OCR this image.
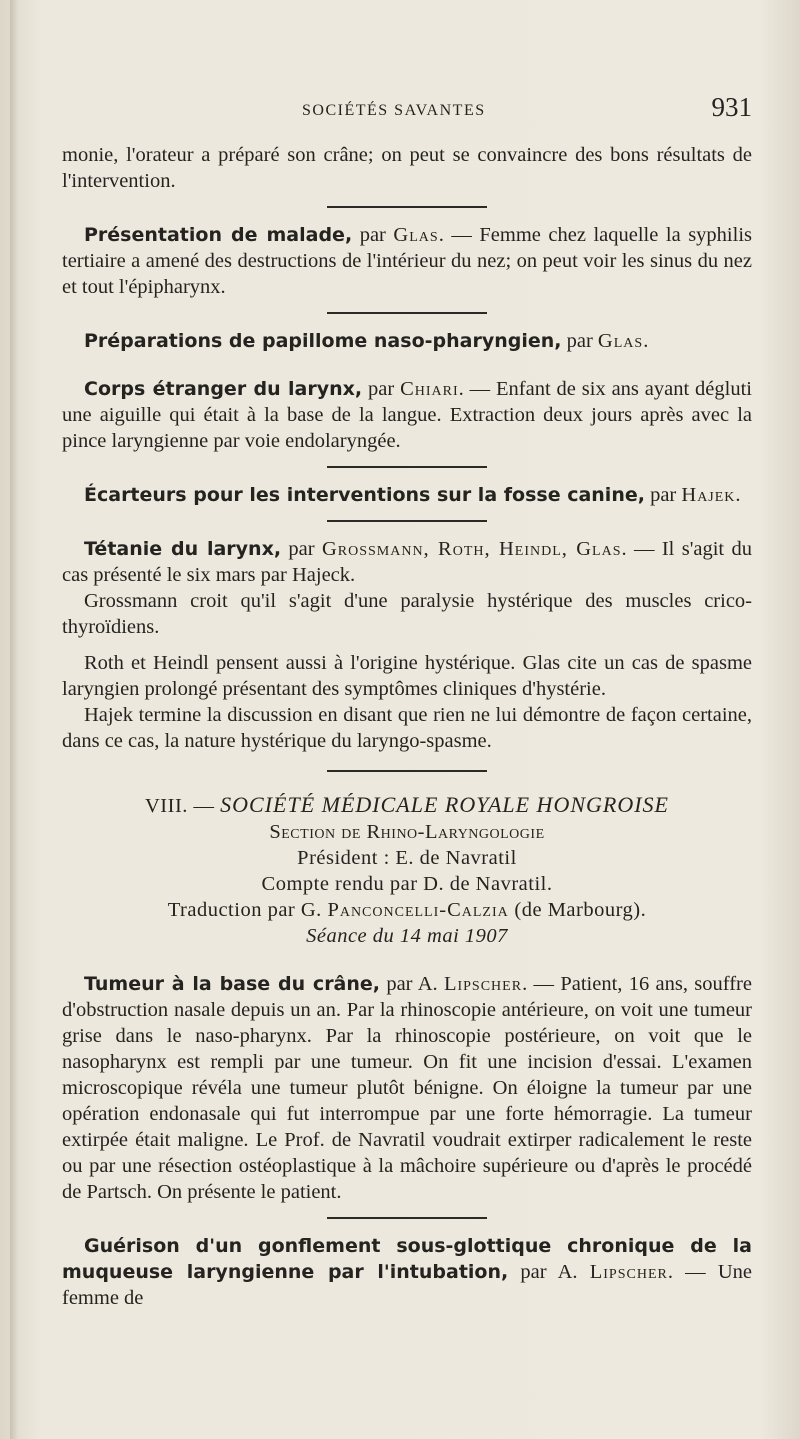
SOCIÉTÉS SAVANTES	931

monie, l'orateur a préparé son crâne; on peut se convaincre des bons résultats de l'intervention.

Présentation de malade, par Glas. — Femme chez laquelle la syphilis tertiaire a amené des destructions de l'intérieur du nez; on peut voir les sinus du nez et tout l'épipharynx.

Préparations de papillome naso-pharyngien, par Glas.

Corps étranger du larynx, par Chiari. — Enfant de six ans ayant dégluti une aiguille qui était à la base de la langue. Extraction deux jours après avec la pince laryngienne par voie endolaryngée.

Écarteurs pour les interventions sur la fosse canine, par Hajek.

Tétanie du larynx, par Grossmann, Roth, Heindl, Glas. — Il s'agit du cas présenté le six mars par Hajeck.

Grossmann croit qu'il s'agit d'une paralysie hystérique des muscles crico-thyroïdiens.

Roth et Heindl pensent aussi à l'origine hystérique. Glas cite un cas de spasme laryngien prolongé présentant des symptômes cliniques d'hystérie.

Hajek termine la discussion en disant que rien ne lui démontre de façon certaine, dans ce cas, la nature hystérique du laryngo-spasme.

VIII. — SOCIÉTÉ MÉDICALE ROYALE HONGROISE
Section de Rhino-Laryngologie
Président : E. de Navratil
Compte rendu par D. de Navratil.
Traduction par G. Panconcelli-Calzia (de Marbourg).
Séance du 14 mai 1907

Tumeur à la base du crâne, par A. Lipscher. — Patient, 16 ans, souffre d'obstruction nasale depuis un an. Par la rhinoscopie antérieure, on voit une tumeur grise dans le naso-pharynx. Par la rhinoscopie postérieure, on voit que le nasopharynx est rempli par une tumeur. On fit une incision d'essai. L'examen microscopique révéla une tumeur plutôt bénigne. On éloigne la tumeur par une opération endonasale qui fut interrompue par une forte hémorragie. La tumeur extirpée était maligne. Le Prof. de Navratil voudrait extirper radicalement le reste ou par une résection ostéoplastique à la mâchoire supérieure ou d'après le procédé de Partsch. On présente le patient.

Guérison d'un gonflement sous-glottique chronique de la muqueuse laryngienne par l'intubation, par A. Lipscher. — Une femme de
